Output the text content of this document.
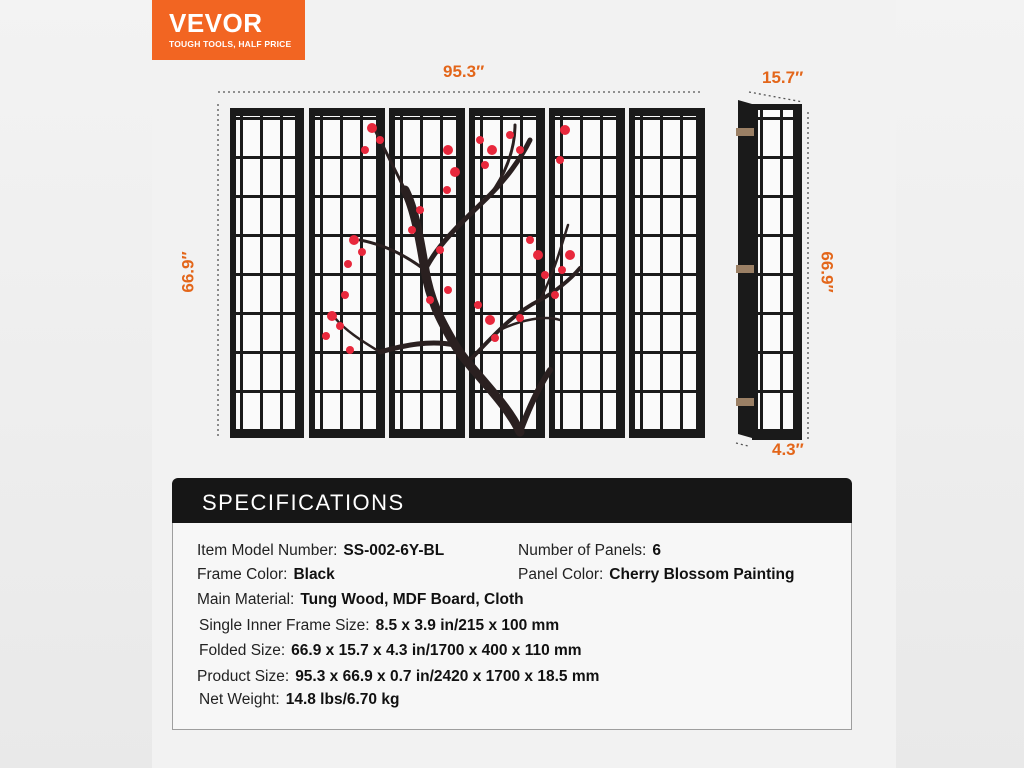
VEVOR
TOUGH TOOLS, HALF PRICE
95.3″
66.9″
15.7″
66.9″
4.3″
SPECIFICATIONS
Item Model Number: SS-002-6Y-BL	Number of Panels: 6
Frame Color: Black	Panel Color: Cherry Blossom Painting
Main Material: Tung Wood, MDF Board, Cloth
Single Inner Frame Size: 8.5 x 3.9 in/215 x 100 mm
Folded Size: 66.9 x 15.7 x 4.3 in/1700 x 400 x 110 mm
Product Size: 95.3 x 66.9 x 0.7 in/2420 x 1700 x 18.5 mm
Net Weight: 14.8 lbs/6.70 kg
